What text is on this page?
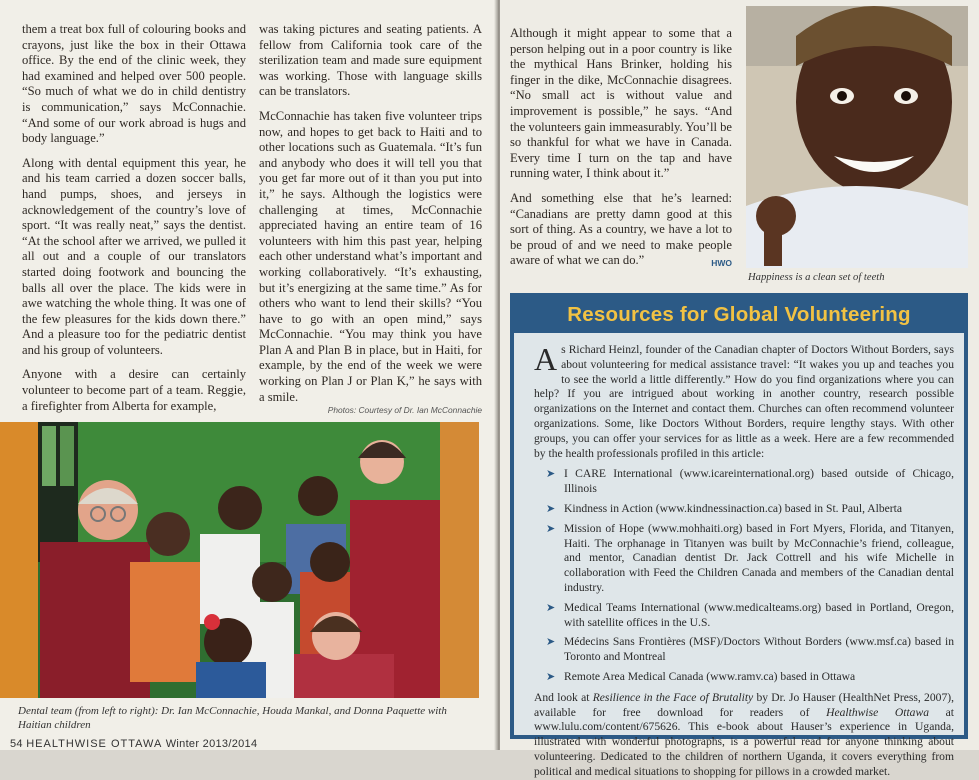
them a treat box full of colouring books and crayons, just like the box in their Ottawa office. By the end of the clinic week, they had examined and helped over 500 people. “So much of what we do in child dentistry is communication,” says McConnachie. “And some of our work abroad is hugs and body language.”

Along with dental equipment this year, he and his team carried a dozen soccer balls, hand pumps, shoes, and jerseys in acknowledgement of the country’s love of sport. “It was really neat,” says the dentist. “At the school after we arrived, we pulled it all out and a couple of our translators started doing footwork and bouncing the balls all over the place. The kids were in awe watching the whole thing. It was one of the few pleasures for the kids down there.” And a pleasure too for the pediatric dentist and his group of volunteers.

Anyone with a desire can certainly volunteer to become part of a team. Reggie, a firefighter from Alberta for example,

was taking pictures and seating patients. A fellow from California took care of the sterilization team and made sure equipment was working. Those with language skills can be translators.

McConnachie has taken five volunteer trips now, and hopes to get back to Haiti and to other locations such as Guatemala. “It’s fun and anybody who does it will tell you that you get far more out of it than you put into it,” he says. Although the logistics were challenging at times, McConnachie appreciated having an entire team of 16 volunteers with him this past year, helping each other understand what’s important and working collaboratively. “It’s exhausting, but it’s energizing at the same time.” As for others who want to lend their skills? “You have to go with an open mind,” says McConnachie. “You may think you have Plan A and Plan B in place, but in Haiti, for example, by the end of the week we were working on Plan J or Plan K,” he says with a smile.

Photos: Courtesy of Dr. Ian McConnachie
Dental team (from left to right): Dr. Ian McConnachie, Houda Mankal, and Donna Paquette with Haitian children
54 HEALTHWISE OTTAWA Winter 2013/2014

Although it might appear to some that a person helping out in a poor country is like the mythical Hans Brinker, holding his finger in the dike, McConnachie disagrees. “No small act is without value and improvement is possible,” he says. “And the volunteers gain immeasurably. You’ll be so thankful for what we have in Canada. Every time I turn on the tap and have running water, I think about it.”

And something else that he’s learned: “Canadians are pretty damn good at this sort of thing. As a country, we have a lot to be proud of and we need to make people aware of what we can do.”	HWO

Happiness is a clean set of teeth
Resources for Global Volunteering

As Richard Heinzl, founder of the Canadian chapter of Doctors Without Borders, says about volunteering for medical assistance travel: “It wakes you up and teaches you to see the world a little differently.” How do you find organizations where you can help? If you are intrigued about working in another country, research possible organizations on the Internet and contact them. Churches can often recommend volunteer organizations. Some, like Doctors Without Borders, require lengthy stays. With other groups, you can offer your services for as little as a week. Here are a few recommended by the health professionals profiled in this article:

➤ I CARE International (www.icareinternational.org) based outside of Chicago, Illinois
➤ Kindness in Action (www.kindnessinaction.ca) based in St. Paul, Alberta
➤ Mission of Hope (www.mohhaiti.org) based in Fort Myers, Florida, and Titanyen, Haiti. The orphanage in Titanyen was built by McConnachie’s friend, colleague, and mentor, Canadian dentist Dr. Jack Cottrell and his wife Michelle in collaboration with Feed the Children Canada and members of the Canadian dental industry.
➤ Medical Teams International (www.medicalteams.org) based in Portland, Oregon, with satellite offices in the U.S.
➤ Médecins Sans Frontières (MSF)/Doctors Without Borders (www.msf.ca) based in Toronto and Montreal
➤ Remote Area Medical Canada (www.ramv.ca) based in Ottawa

And look at Resilience in the Face of Brutality by Dr. Jo Hauser (HealthNet Press, 2007), available for free download for readers of Healthwise Ottawa at www.lulu.com/content/675626. This e-book about Hauser’s experience in Uganda, illustrated with wonderful photographs, is a powerful read for anyone thinking about volunteering. Dedicated to the children of northern Uganda, it covers everything from political and medical situations to shopping for pillows in a crowded market.
